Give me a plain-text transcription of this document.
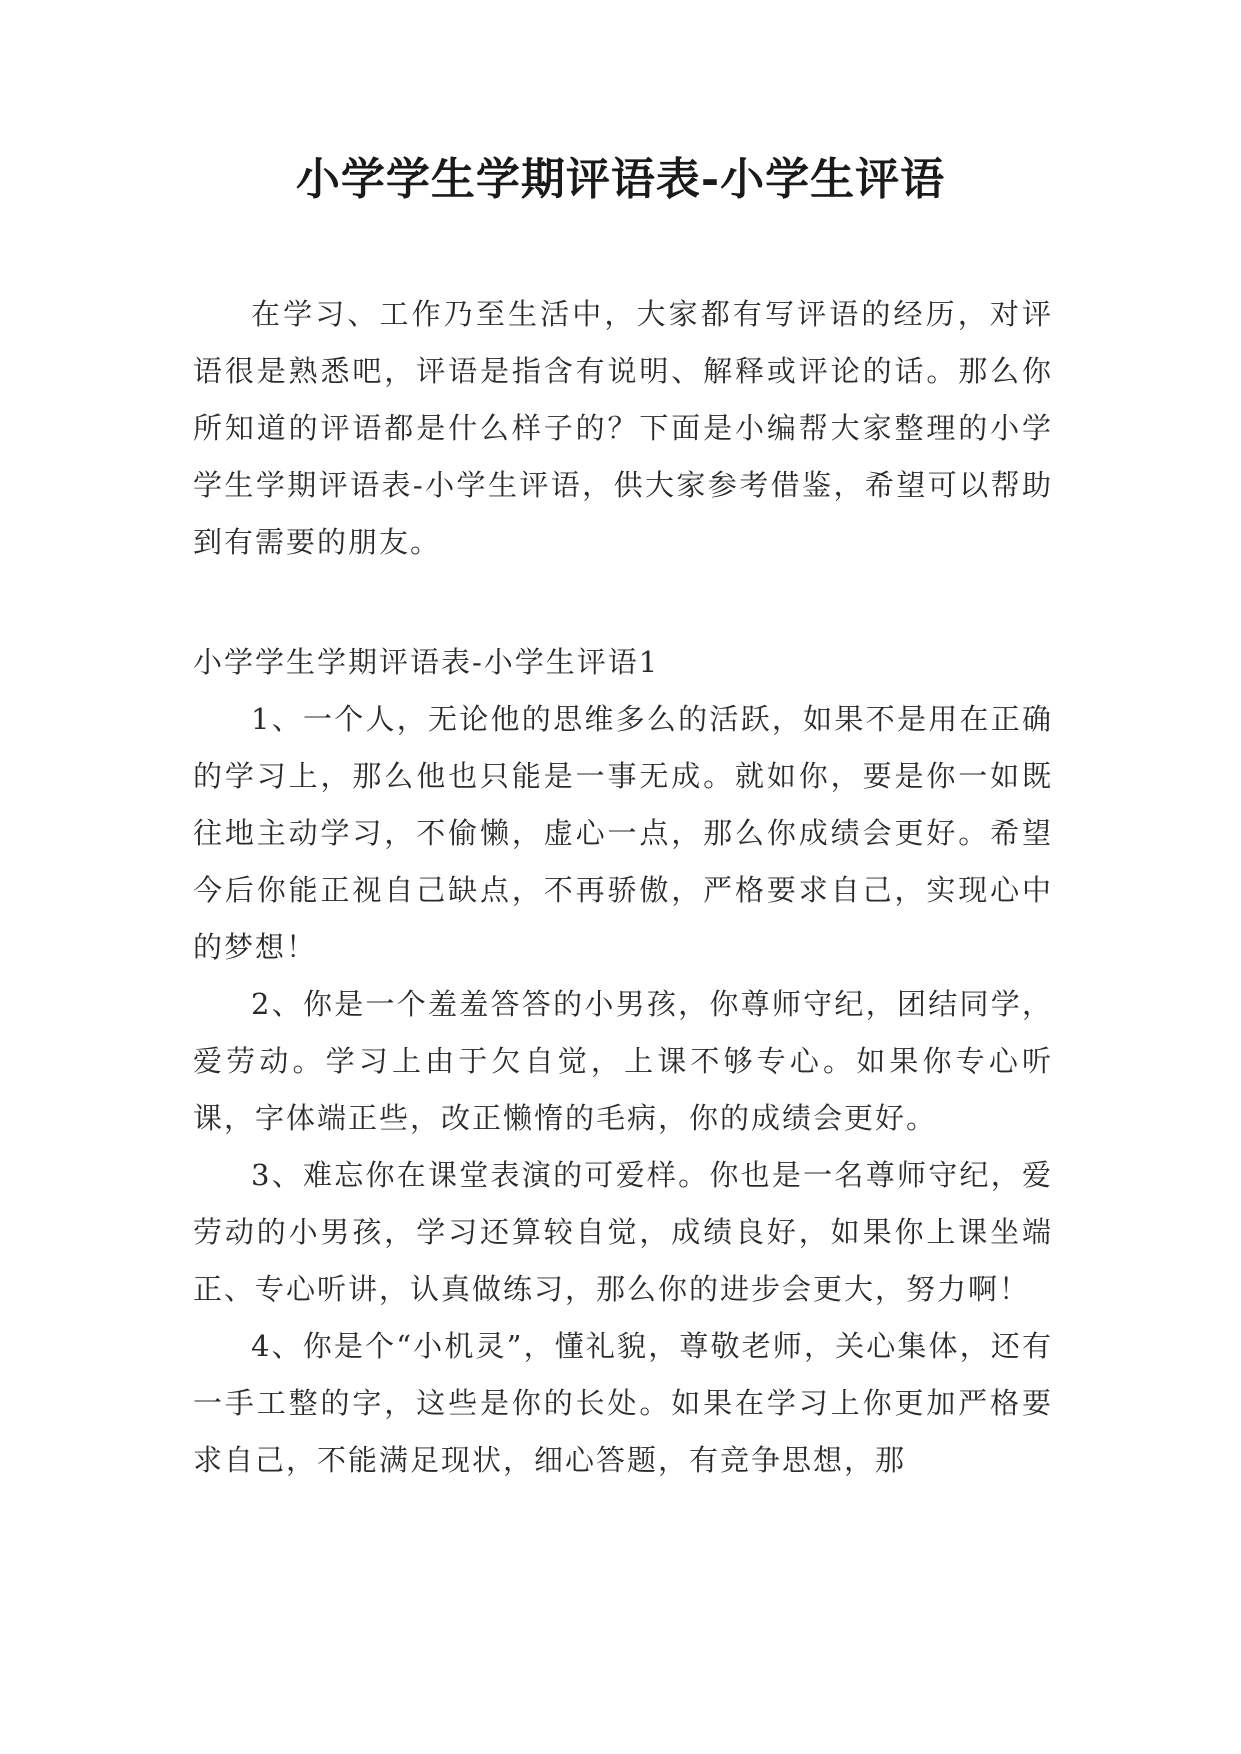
小学学生学期评语表-小学生评语

在学习、工作乃至生活中，大家都有写评语的经历，对评语很是熟悉吧，评语是指含有说明、解释或评论的话。那么你所知道的评语都是什么样子的？下面是小编帮大家整理的小学学生学期评语表-小学生评语，供大家参考借鉴，希望可以帮助到有需要的朋友。

小学学生学期评语表-小学生评语1

1、一个人，无论他的思维多么的活跃，如果不是用在正确的学习上，那么他也只能是一事无成。就如你，要是你一如既往地主动学习，不偷懒，虚心一点，那么你成绩会更好。希望今后你能正视自己缺点，不再骄傲，严格要求自己，实现心中的梦想！

2、你是一个羞羞答答的小男孩，你尊师守纪，团结同学，爱劳动。学习上由于欠自觉，上课不够专心。如果你专心听课，字体端正些，改正懒惰的毛病，你的成绩会更好。

3、难忘你在课堂表演的可爱样。你也是一名尊师守纪，爱劳动的小男孩，学习还算较自觉，成绩良好，如果你上课坐端正、专心听讲，认真做练习，那么你的进步会更大，努力啊！

4、你是个“小机灵”，懂礼貌，尊敬老师，关心集体，还有一手工整的字，这些是你的长处。如果在学习上你更加严格要求自己，不能满足现状，细心答题，有竞争思想，那
